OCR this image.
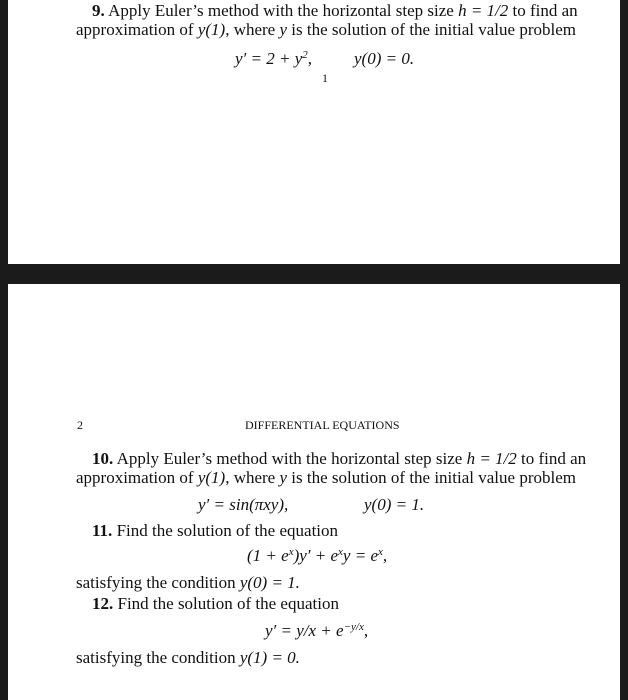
9. Apply Euler’s method with the horizontal step size h = 1/2 to find an
approximation of y(1), where y is the solution of the initial value problem
$y' = 2 + y^2$, y(0) = 0.
1
2	DIFFERENTIAL EQUATIONS
10. Apply Euler’s method with the horizontal step size h = 1/2 to find an
approximation of y(1), where y is the solution of the initial value problem
y′ = sin(πxy),	y(0) = 1.
11. Find the solution of the equation
$(1 + e^x)y' + e^xy = e^x$,
satisfying the condition y(0) = 1.
12. Find the solution of the equation
$y' = y/x + e^{-y/x}$,
satisfying the condition y(1) = 0.
